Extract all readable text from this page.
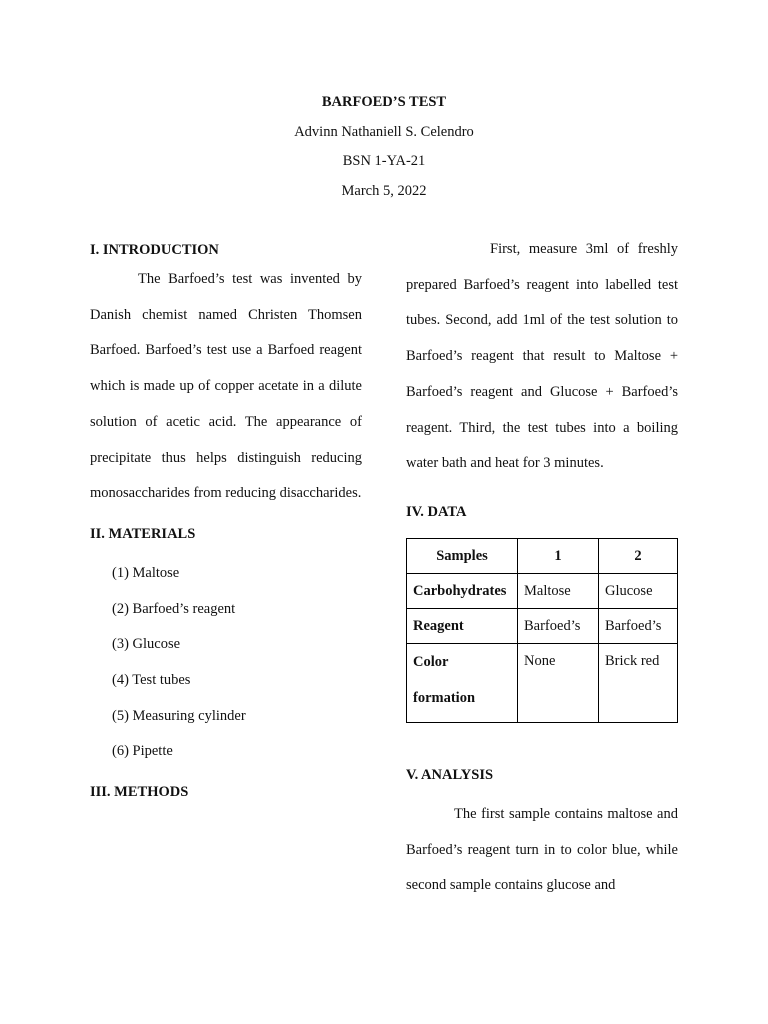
BARFOED’S TEST
Advinn Nathaniell S. Celendro
BSN 1-YA-21
March 5, 2022
I. INTRODUCTION

The Barfoed’s test was invented by Danish chemist named Christen Thomsen Barfoed. Barfoed’s test use a Barfoed reagent which is made up of copper acetate in a dilute solution of acetic acid. The appearance of precipitate thus helps distinguish reducing monosaccharides from reducing disaccharides.

II. MATERIALS
(1) Maltose
(2) Barfoed’s reagent
(3) Glucose
(4) Test tubes
(5) Measuring cylinder
(6) Pipette
III. METHODS

First, measure 3ml of freshly prepared Barfoed’s reagent into labelled test tubes. Second, add 1ml of the test solution to Barfoed’s reagent that result to Maltose + Barfoed’s reagent and Glucose + Barfoed’s reagent. Third, the test tubes into a boiling water bath and heat for 3 minutes.

IV. DATA
Samples	1	2
Carbohydrates	Maltose	Glucose
Reagent	Barfoed’s	Barfoed’s
Color formation	None	Brick red
V. ANALYSIS

The first sample contains maltose and Barfoed’s reagent turn in to color blue, while second sample contains glucose and
